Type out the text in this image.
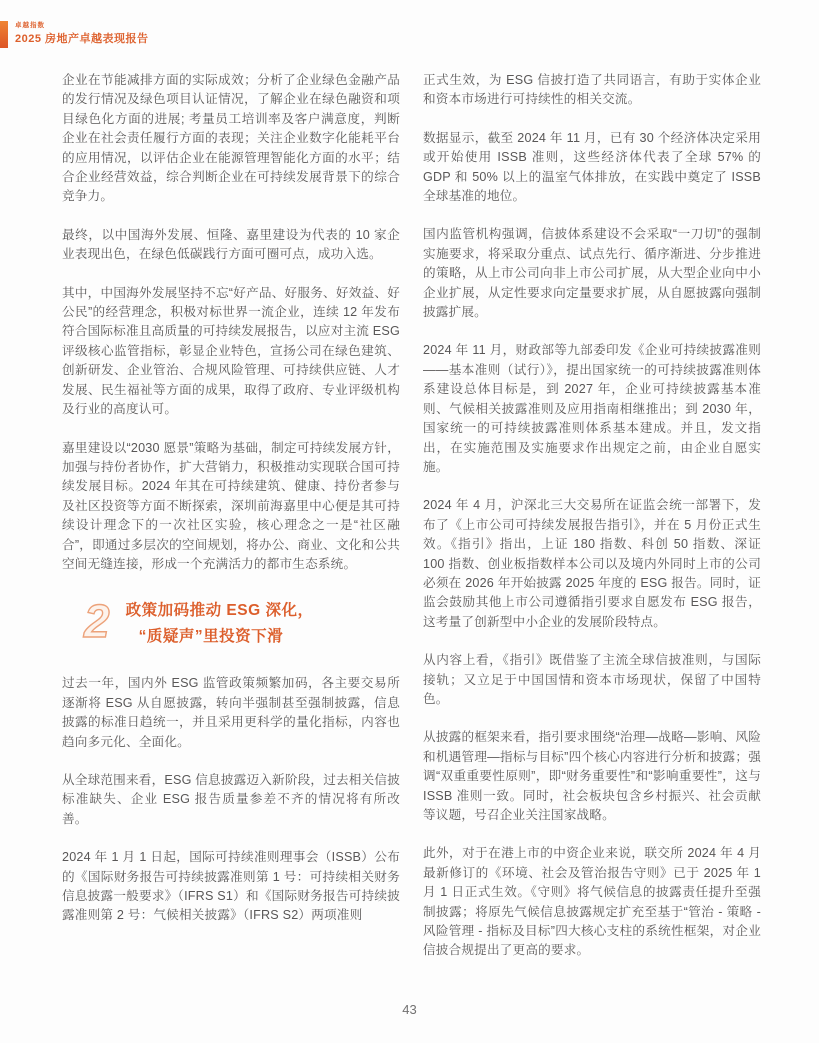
卓越指数
2025 房地产卓越表现报告

企业在节能减排方面的实际成效；分析了企业绿色金融产品的发行情况及绿色项目认证情况，了解企业在绿色融资和项目绿色化方面的进展; 考量员工培训率及客户满意度，判断企业在社会责任履行方面的表现；关注企业数字化能耗平台的应用情况，以评估企业在能源管理智能化方面的水平；结合企业经营效益，综合判断企业在可持续发展背景下的综合竞争力。

最终，以中国海外发展、恒隆、嘉里建设为代表的 10 家企业表现出色，在绿色低碳践行方面可圈可点，成功入选。

其中，中国海外发展坚持不忘“好产品、好服务、好效益、好公民”的经营理念，积极对标世界一流企业，连续 12 年发布符合国际标准且高质量的可持续发展报告，以应对主流 ESG 评级核心监管指标，彰显企业特色，宣扬公司在绿色建筑、创新研发、企业管治、合规风险管理、可持续供应链、人才发展、民生福祉等方面的成果，取得了政府、专业评级机构及行业的高度认可。

嘉里建设以“2030 愿景”策略为基础，制定可持续发展方针，加强与持份者协作，扩大营销力，积极推动实现联合国可持续发展目标。2024 年其在可持续建筑、健康、持份者参与及社区投资等方面不断探索，深圳前海嘉里中心便是其可持续设计理念下的一次社区实验，核心理念之一是“社区融合”，即通过多层次的空间规划，将办公、商业、文化和公共空间无缝连接，形成一个充满活力的都市生态系统。

2 政策加码推动 ESG 深化，
“质疑声”里投资下滑

过去一年，国内外 ESG 监管政策频繁加码，各主要交易所逐渐将 ESG 从自愿披露，转向半强制甚至强制披露，信息披露的标准日趋统一，并且采用更科学的量化指标，内容也趋向多元化、全面化。

从全球范围来看，ESG 信息披露迈入新阶段，过去相关信披标准缺失、企业 ESG 报告质量参差不齐的情况将有所改善。

2024 年 1 月 1 日起，国际可持续准则理事会（ISSB）公布的《国际财务报告可持续披露准则第 1 号：可持续相关财务信息披露一般要求》（IFRS S1）和《国际财务报告可持续披露准则第 2 号：气候相关披露》（IFRS S2）两项准则

正式生效，为 ESG 信披打造了共同语言，有助于实体企业和资本市场进行可持续性的相关交流。

数据显示，截至 2024 年 11 月，已有 30 个经济体决定采用或开始使用 ISSB 准则，这些经济体代表了全球 57% 的 GDP 和 50% 以上的温室气体排放，在实践中奠定了 ISSB 全球基准的地位。

国内监管机构强调，信披体系建设不会采取“一刀切”的强制实施要求，将采取分重点、试点先行、循序渐进、分步推进的策略，从上市公司向非上市公司扩展，从大型企业向中小企业扩展，从定性要求向定量要求扩展，从自愿披露向强制披露扩展。

2024 年 11 月，财政部等九部委印发《企业可持续披露准则——基本准则（试行）》，提出国家统一的可持续披露准则体系建设总体目标是，到 2027 年，企业可持续披露基本准则、气候相关披露准则及应用指南相继推出；到 2030 年，国家统一的可持续披露准则体系基本建成。并且，发文指出，在实施范围及实施要求作出规定之前，由企业自愿实施。

2024 年 4 月，沪深北三大交易所在证监会统一部署下，发布了《上市公司可持续发展报告指引》，并在 5 月份正式生效。《指引》指出，上证 180 指数、科创 50 指数、深证 100 指数、创业板指数样本公司以及境内外同时上市的公司必须在 2026 年开始披露 2025 年度的 ESG 报告。同时，证监会鼓励其他上市公司遵循指引要求自愿发布 ESG 报告，这考量了创新型中小企业的发展阶段特点。

从内容上看，《指引》既借鉴了主流全球信披准则，与国际接轨；又立足于中国国情和资本市场现状，保留了中国特色。

从披露的框架来看，指引要求围绕“治理—战略—影响、风险和机遇管理—指标与目标”四个核心内容进行分析和披露；强调“双重重要性原则”，即“财务重要性”和“影响重要性”，这与 ISSB 准则一致。同时，社会板块包含乡村振兴、社会贡献等议题，号召企业关注国家战略。

此外，对于在港上市的中资企业来说，联交所 2024 年 4 月最新修订的《环境、社会及管治报告守则》已于 2025 年 1 月 1 日正式生效。《守则》将气候信息的披露责任提升至强制披露；将原先气候信息披露规定扩充至基于“管治 - 策略 - 风险管理 - 指标及目标”四大核心支柱的系统性框架，对企业信披合规提出了更高的要求。

43
